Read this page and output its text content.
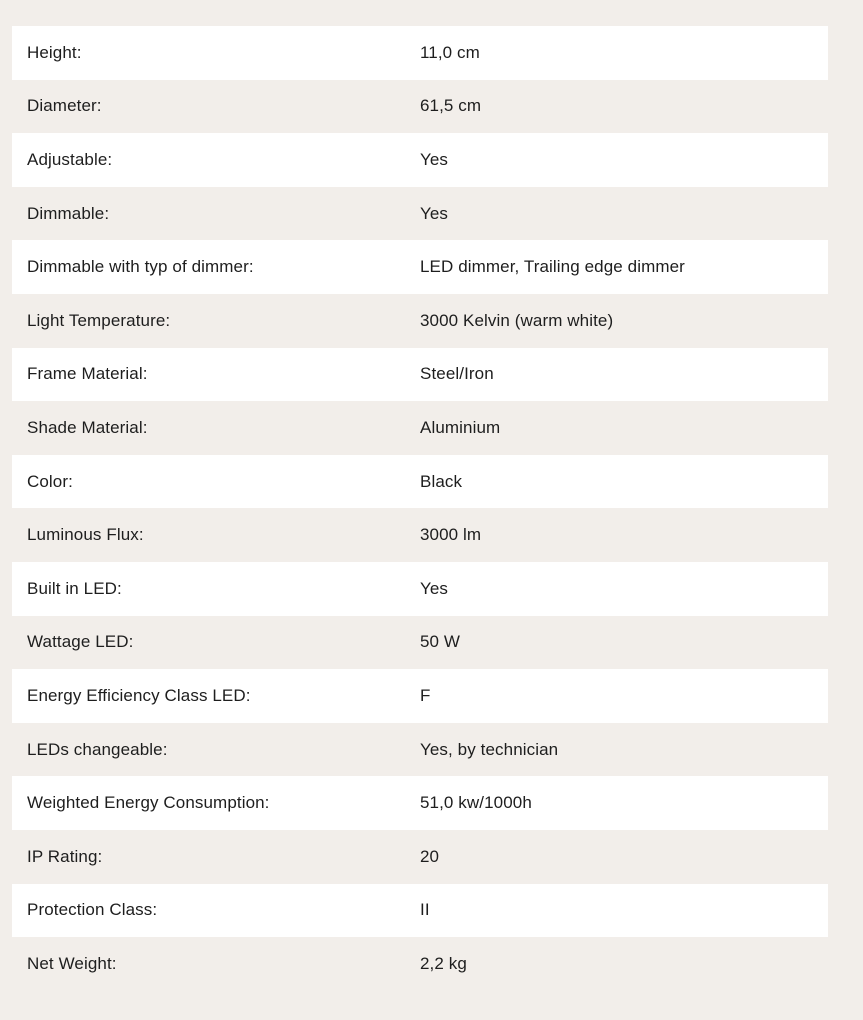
Height:	11,0 cm
Diameter:	61,5 cm
Adjustable:	Yes
Dimmable:	Yes
Dimmable with typ of dimmer:	LED dimmer, Trailing edge dimmer
Light Temperature:	3000 Kelvin (warm white)
Frame Material:	Steel/Iron
Shade Material:	Aluminium
Color:	Black
Luminous Flux:	3000 lm
Built in LED:	Yes
Wattage LED:	50 W
Energy Efficiency Class LED:	F
LEDs changeable:	Yes, by technician
Weighted Energy Consumption:	51,0 kw/1000h
IP Rating:	20
Protection Class:	II
Net Weight:	2,2 kg
